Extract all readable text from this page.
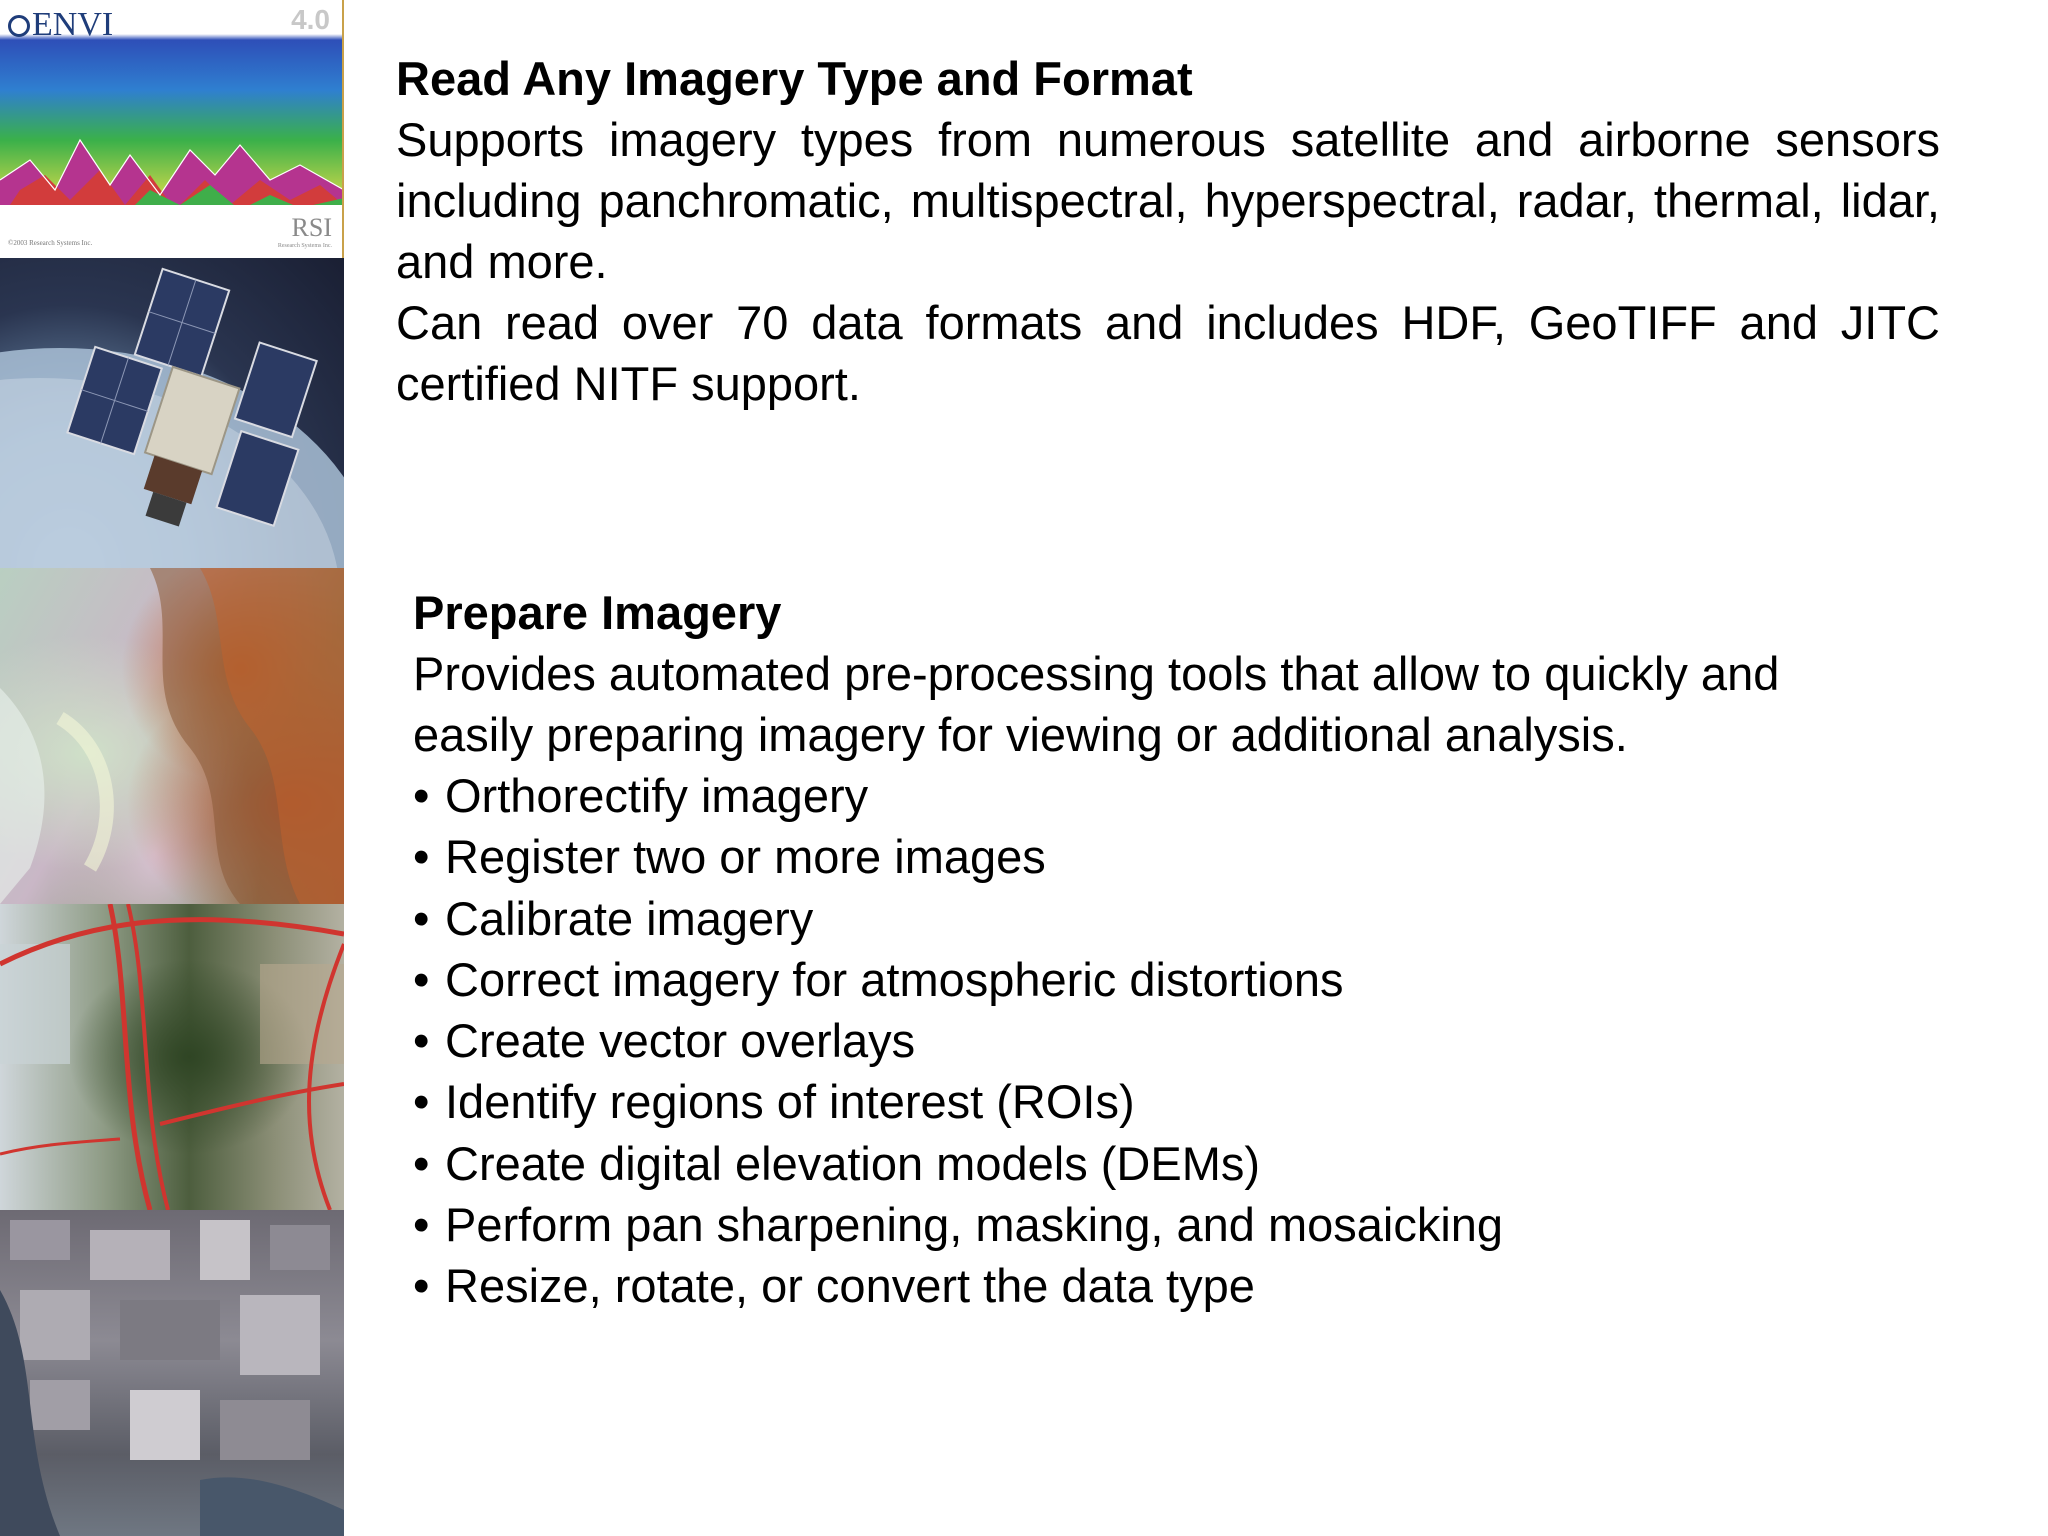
ENVI	4.0
©2003 Research Systems Inc.
RSI
Research Systems Inc.

Read Any Imagery Type and Format

Supports imagery types from numerous satellite and airborne sensors including panchromatic, multispectral, hyperspectral, radar, thermal, lidar, and more.

Can read over 70 data formats and includes HDF, GeoTIFF and JITC certified NITF support.

Prepare Imagery

Provides automated pre-processing tools that allow to quickly and

easily preparing imagery for viewing or additional analysis.

• Orthorectify imagery
• Register two or more images
• Calibrate imagery
• Correct imagery for atmospheric distortions
• Create vector overlays
• Identify regions of interest (ROIs)
• Create digital elevation models (DEMs)
• Perform pan sharpening, masking, and mosaicking
• Resize, rotate, or convert the data type
